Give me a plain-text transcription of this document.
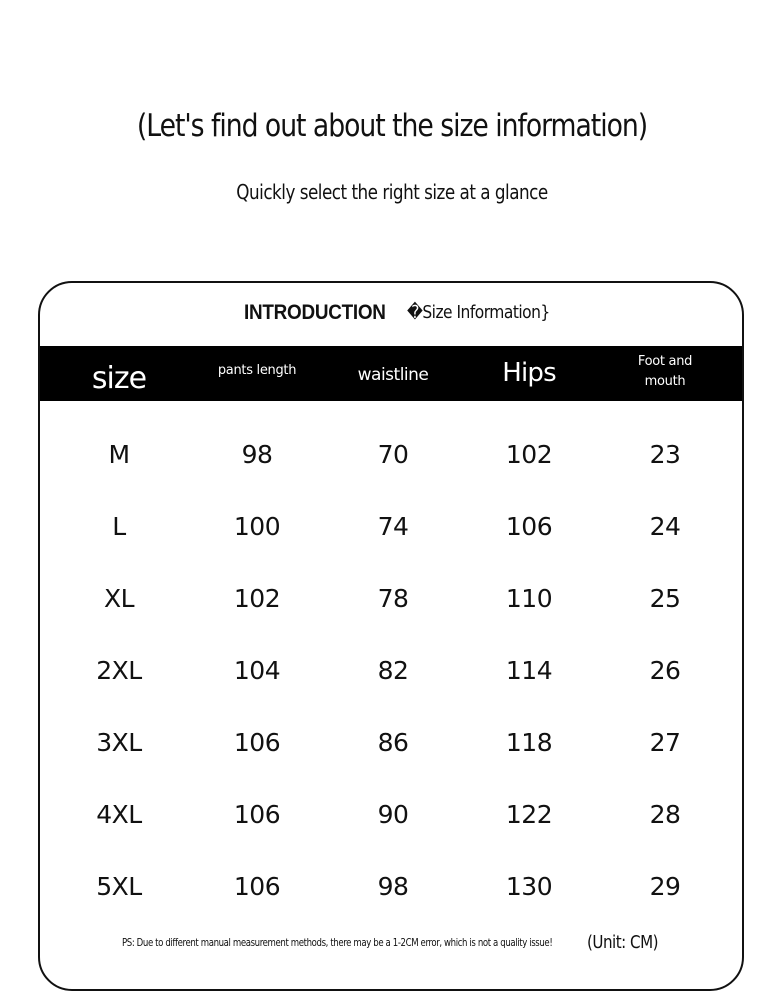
(Let's find out about the size information)

Quickly select the right size at a glance

INTRODUCTION �Size Information}
size	pants length	waistline	Hips	Foot and
mouth
M	98	70	102	23
L	100	74	106	24
XL	102	78	110	25
2XL	104	82	114	26
3XL	106	86	118	27
4XL	106	90	122	28
5XL	106	98	130	29
PS: Due to different manual measurement methods, there may be a 1-2CM error, which is not a quality issue! (Unit: CM)
